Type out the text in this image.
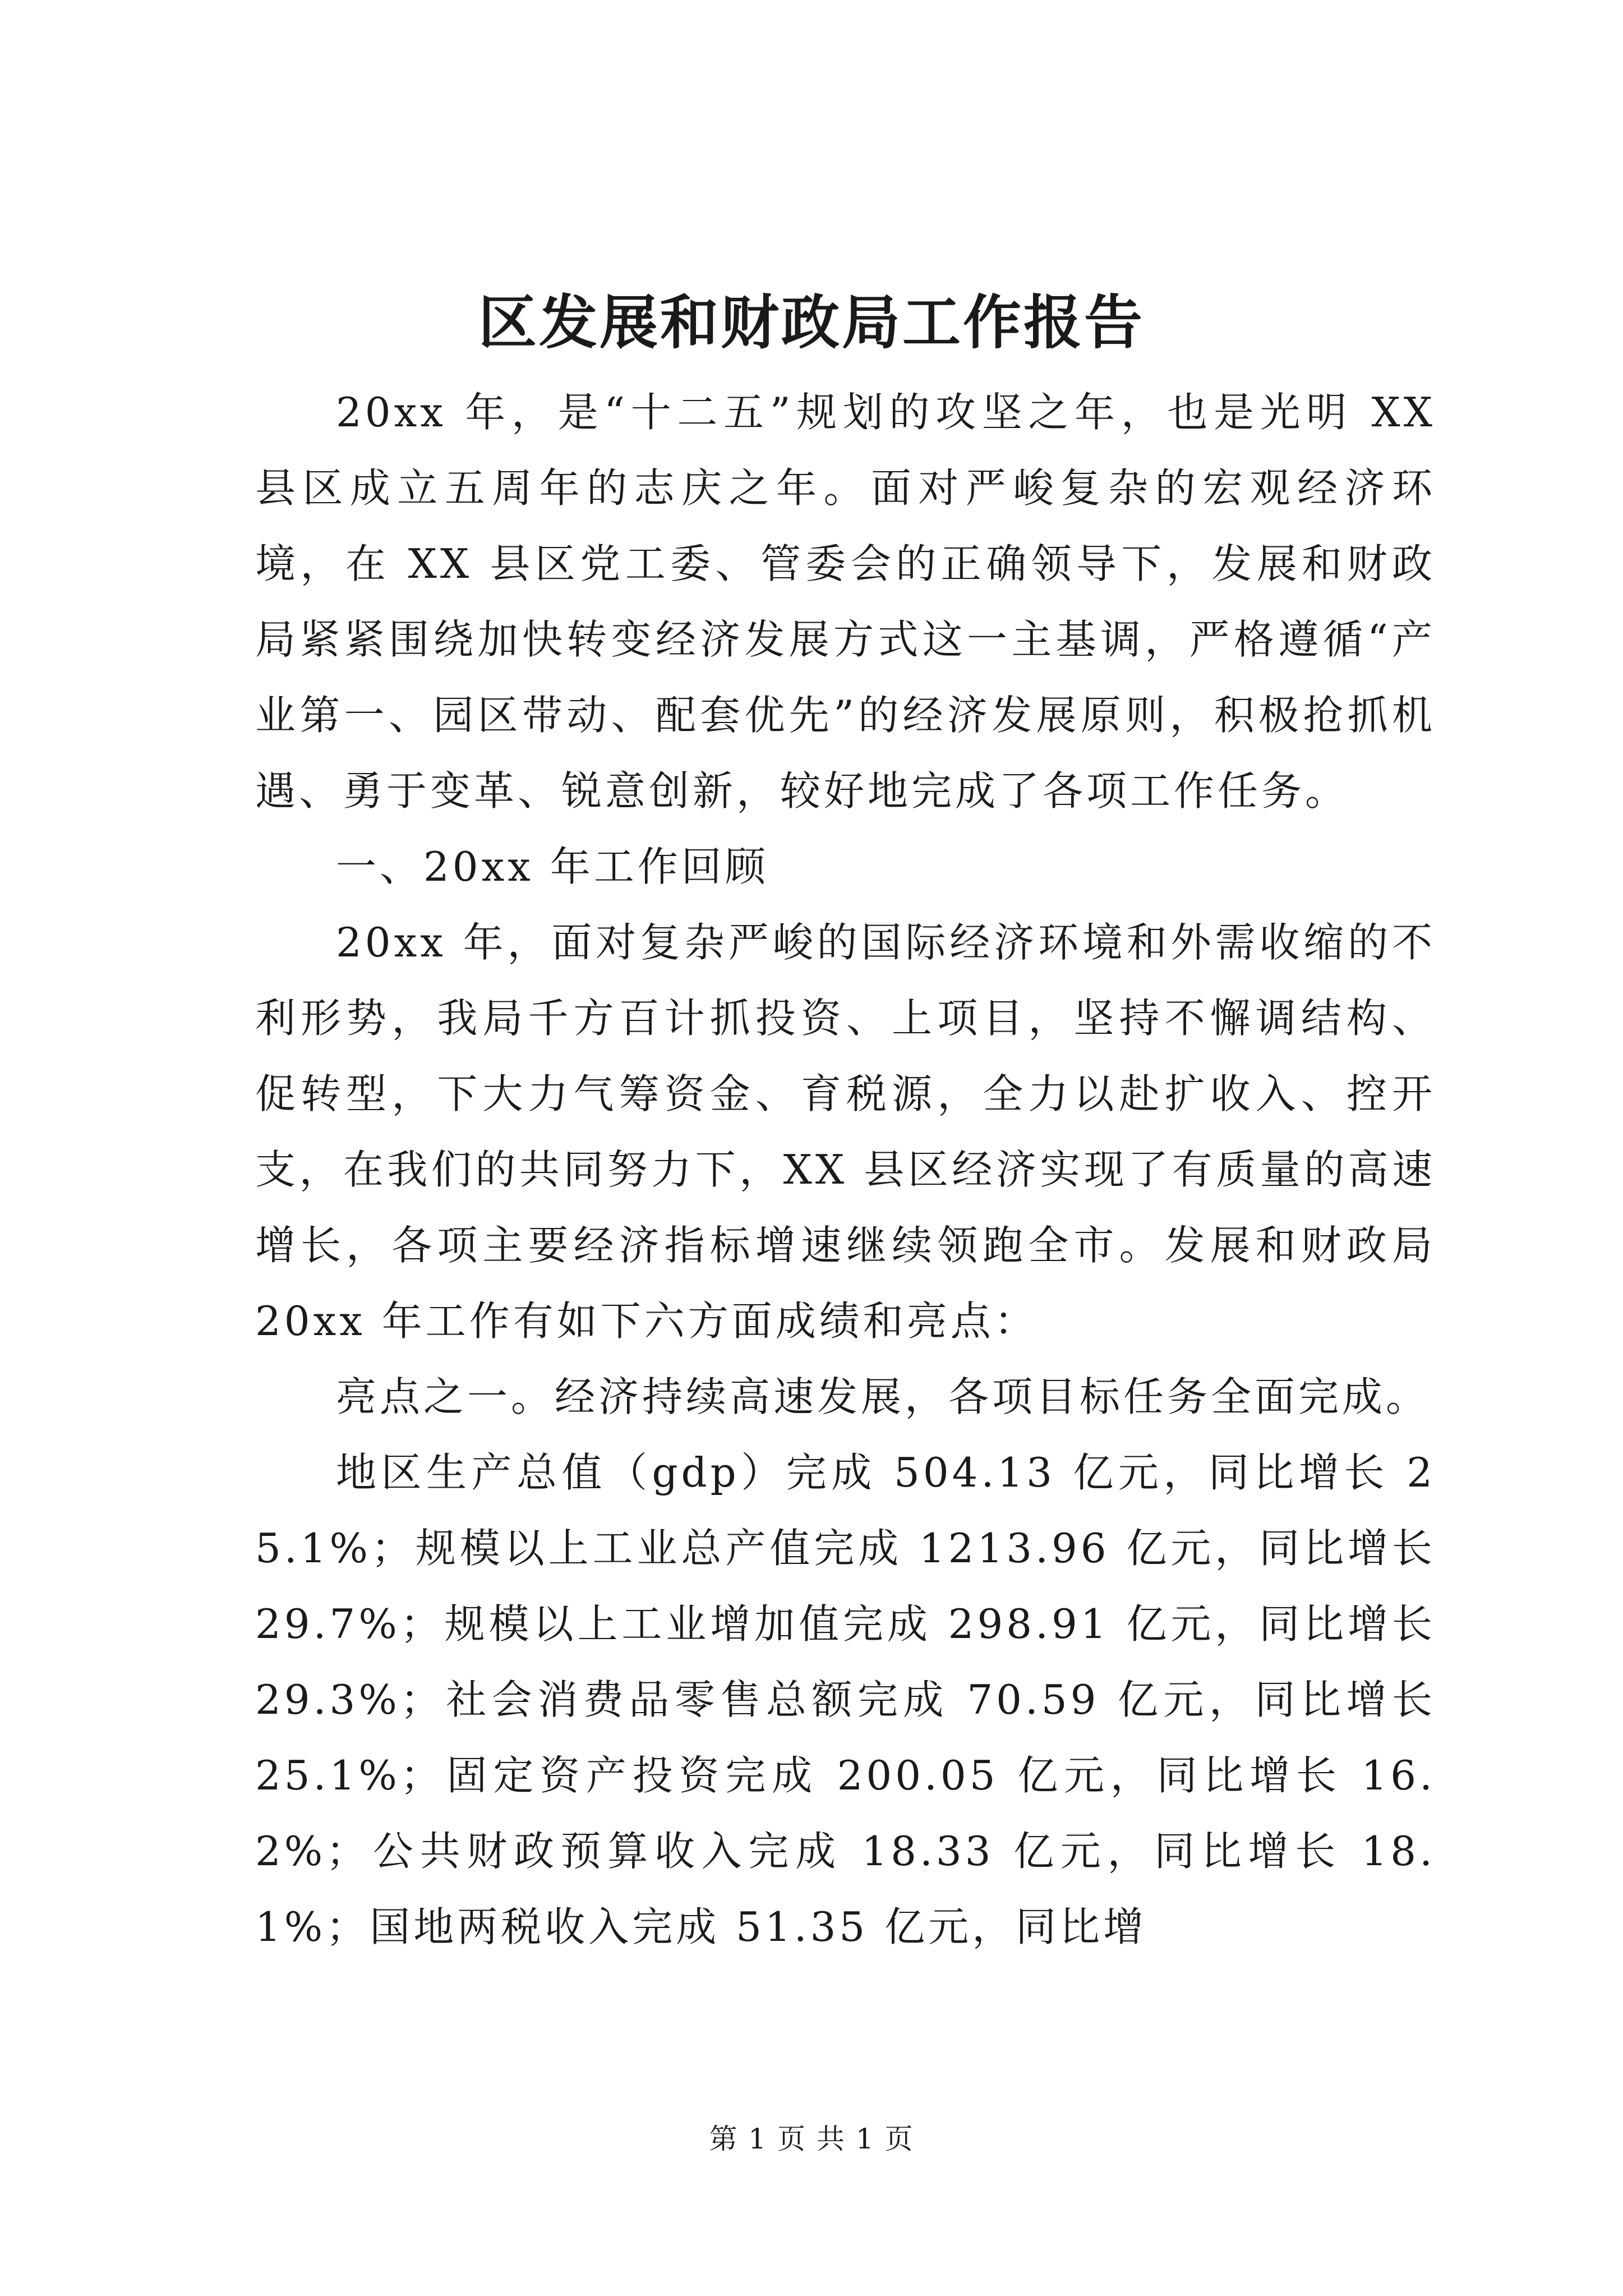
区发展和财政局工作报告

20xx 年，是“十二五”规划的攻坚之年，也是光明 XX 县区成立五周年的志庆之年。面对严峻复杂的宏观经济环境，在 XX 县区党工委、管委会的正确领导下，发展和财政局紧紧围绕加快转变经济发展方式这一主基调，严格遵循“产业第一、园区带动、配套优先”的经济发展原则，积极抢抓机遇、勇于变革、锐意创新，较好地完成了各项工作任务。

一、20xx 年工作回顾

20xx 年，面对复杂严峻的国际经济环境和外需收缩的不利形势，我局千方百计抓投资、上项目，坚持不懈调结构、促转型，下大力气筹资金、育税源，全力以赴扩收入、控开支，在我们的共同努力下，XX 县区经济实现了有质量的高速增长，各项主要经济指标增速继续领跑全市。发展和财政局 20xx 年工作有如下六方面成绩和亮点：

亮点之一。经济持续高速发展，各项目标任务全面完成。

地区生产总值（gdp）完成 504.13 亿元，同比增长 25.1%；规模以上工业总产值完成 1213.96 亿元，同比增长 29.7%；规模以上工业增加值完成 298.91 亿元，同比增长 29.3%；社会消费品零售总额完成 70.59 亿元，同比增长 25.1%；固定资产投资完成 200.05 亿元，同比增长 16.2%；公共财政预算收入完成 18.33 亿元，同比增长 18.1%；国地两税收入完成 51.35 亿元，同比增

第 1 页 共 1 页
